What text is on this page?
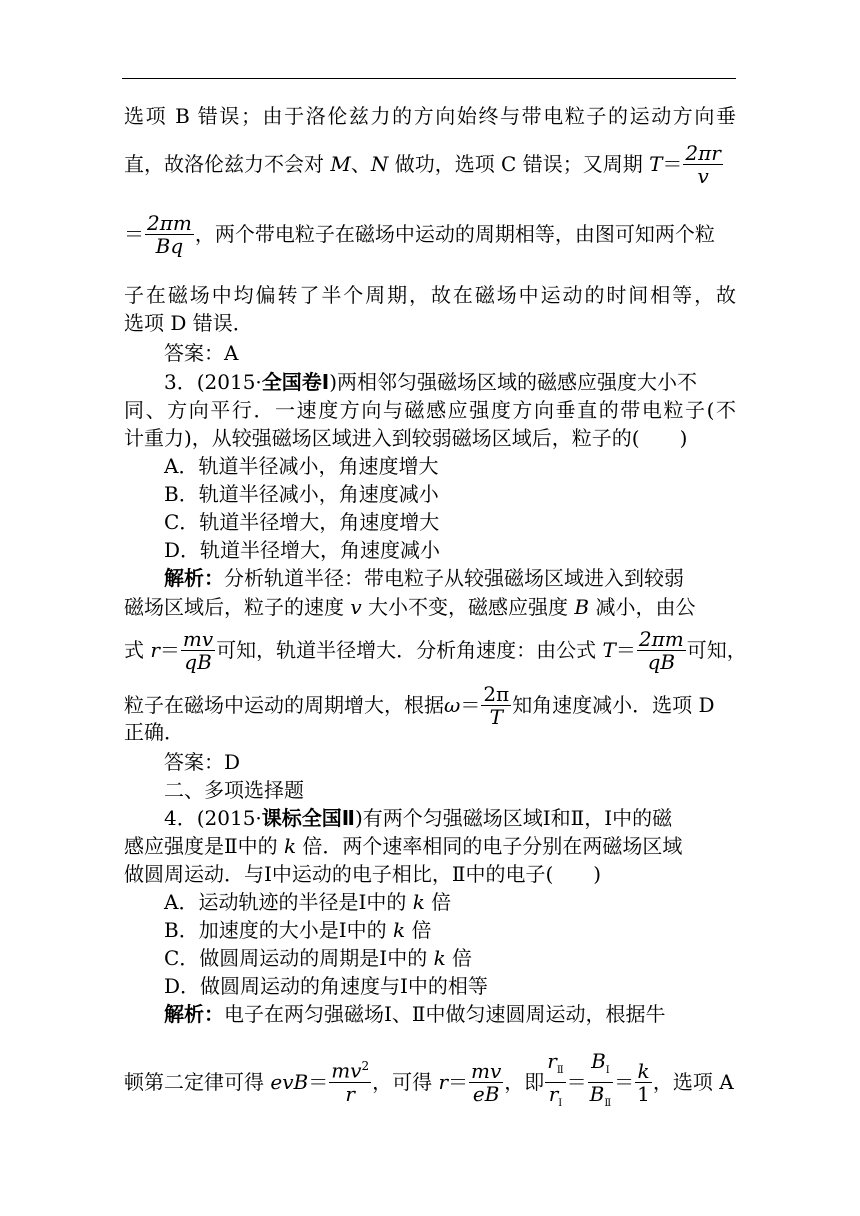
选项 B 错误；由于洛伦兹力的方向始终与带电粒子的运动方向垂
直，故洛伦兹力不会对 M、N 做功，选项 C 错误；又周期 $T= \frac{2\pi r}{v}$
＝ $\frac{2\pi m}{Bq}$ ，两个带电粒子在磁场中运动的周期相等，由图可知两个粒
子在磁场中均偏转了半个周期，故在磁场中运动的时间相等，故
选项 D 错误．
答案：A
3．(2015·全国卷Ⅰ)两相邻匀强磁场区域的磁感应强度大小不
同、方向平行．一速度方向与磁感应强度方向垂直的带电粒子(不
计重力)，从较强磁场区域进入到较弱磁场区域后，粒子的(　　)
A．轨道半径减小，角速度增大
B．轨道半径减小，角速度减小
C．轨道半径增大，角速度增大
D．轨道半径增大，角速度减小
解析：分析轨道半径：带电粒子从较强磁场区域进入到较弱
磁场区域后，粒子的速度 v 大小不变，磁感应强度 B 减小，由公
式 $r= \frac{mv}{qB}$ 可知，轨道半径增大．分析角速度：由公式 $T= \frac{2\pi m}{qB}$ 可知，
粒子在磁场中运动的周期增大，根据$\omega= \frac{2\pi}{T}$ 知角速度减小．选项 D
正确．
答案：D
二、多项选择题
4．(2015·课标全国Ⅱ)有两个匀强磁场区域Ⅰ和Ⅱ，Ⅰ中的磁
感应强度是Ⅱ中的 k 倍．两个速率相同的电子分别在两磁场区域
做圆周运动．与Ⅰ中运动的电子相比，Ⅱ中的电子(　　)
A．运动轨迹的半径是Ⅰ中的 k 倍
B．加速度的大小是Ⅰ中的 k 倍
C．做圆周运动的周期是Ⅰ中的 k 倍
D．做圆周运动的角速度与Ⅰ中的相等
解析：电子在两匀强磁场Ⅰ、Ⅱ中做匀速圆周运动，根据牛
顿第二定律可得 $evB= \frac{mv^2}{r}$ ，可得 $r= \frac{mv}{eB}$ ，即 $\frac{r_Ⅱ}{r_Ⅰ} = \frac{B_Ⅰ}{B_Ⅱ} = \frac{k}{1}$ ，选项 A
